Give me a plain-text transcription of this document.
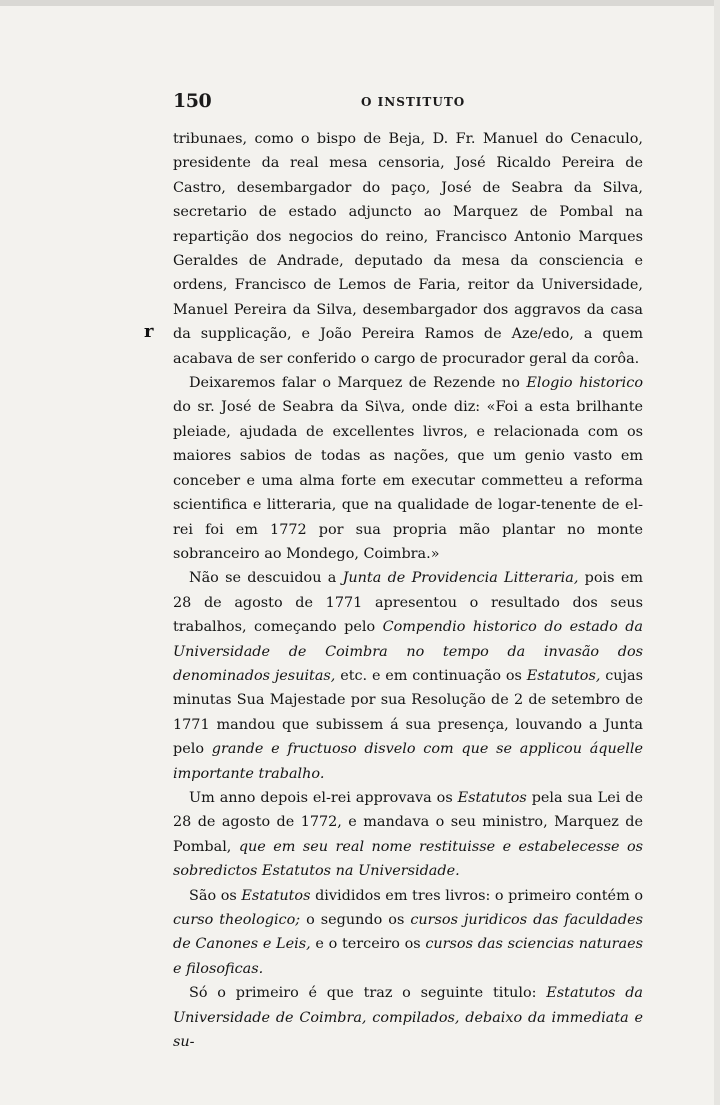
150	O INSTITUTO
r

tribunaes, como o bispo de Beja, D. Fr. Manuel do Cenaculo, presidente da real mesa censoria, José Ricaldo Pereira de Castro, desembargador do paço, José de Seabra da Silva, secretario de estado adjuncto ao Marquez de Pombal na repartição dos negocios do reino, Francisco Antonio Marques Geraldes de Andrade, deputado da mesa da consciencia e ordens, Francisco de Lemos de Faria, reitor da Universidade, Manuel Pereira da Silva, desembargador dos aggravos da casa da supplicação, e João Pereira Ramos de Aze/edo, a quem acabava de ser conferido o cargo de procurador geral da corôa.

Deixaremos falar o Marquez de Rezende no Elogio historico do sr. José de Seabra da Si\va, onde diz: «Foi a esta brilhante pleiade, ajudada de excellentes livros, e relacionada com os maiores sabios de todas as nações, que um genio vasto em conceber e uma alma forte em executar commetteu a reforma scientifica e litteraria, que na qualidade de logar-tenente de el-rei foi em 1772 por sua propria mão plantar no monte sobranceiro ao Mondego, Coimbra.»

Não se descuidou a Junta de Providencia Litteraria, pois em 28 de agosto de 1771 apresentou o resultado dos seus trabalhos, começando pelo Compendio historico do estado da Universidade de Coimbra no tempo da invasão dos denominados jesuitas, etc. e em continuação os Estatutos, cujas minutas Sua Majestade por sua Resolução de 2 de setembro de 1771 mandou que subissem á sua presença, louvando a Junta pelo grande e fructuoso disvelo com que se applicou áquelle importante trabalho.

Um anno depois el-rei approvava os Estatutos pela sua Lei de 28 de agosto de 1772, e mandava o seu ministro, Marquez de Pombal, que em seu real nome restituisse e estabelecesse os sobredictos Estatutos na Universidade.

São os Estatutos divididos em tres livros: o primeiro contém o curso theologico; o segundo os cursos juridicos das faculdades de Canones e Leis, e o terceiro os cursos das sciencias naturaes e filosoficas.

Só o primeiro é que traz o seguinte titulo: Estatutos da Universidade de Coimbra, compilados, debaixo da immediata e su-
